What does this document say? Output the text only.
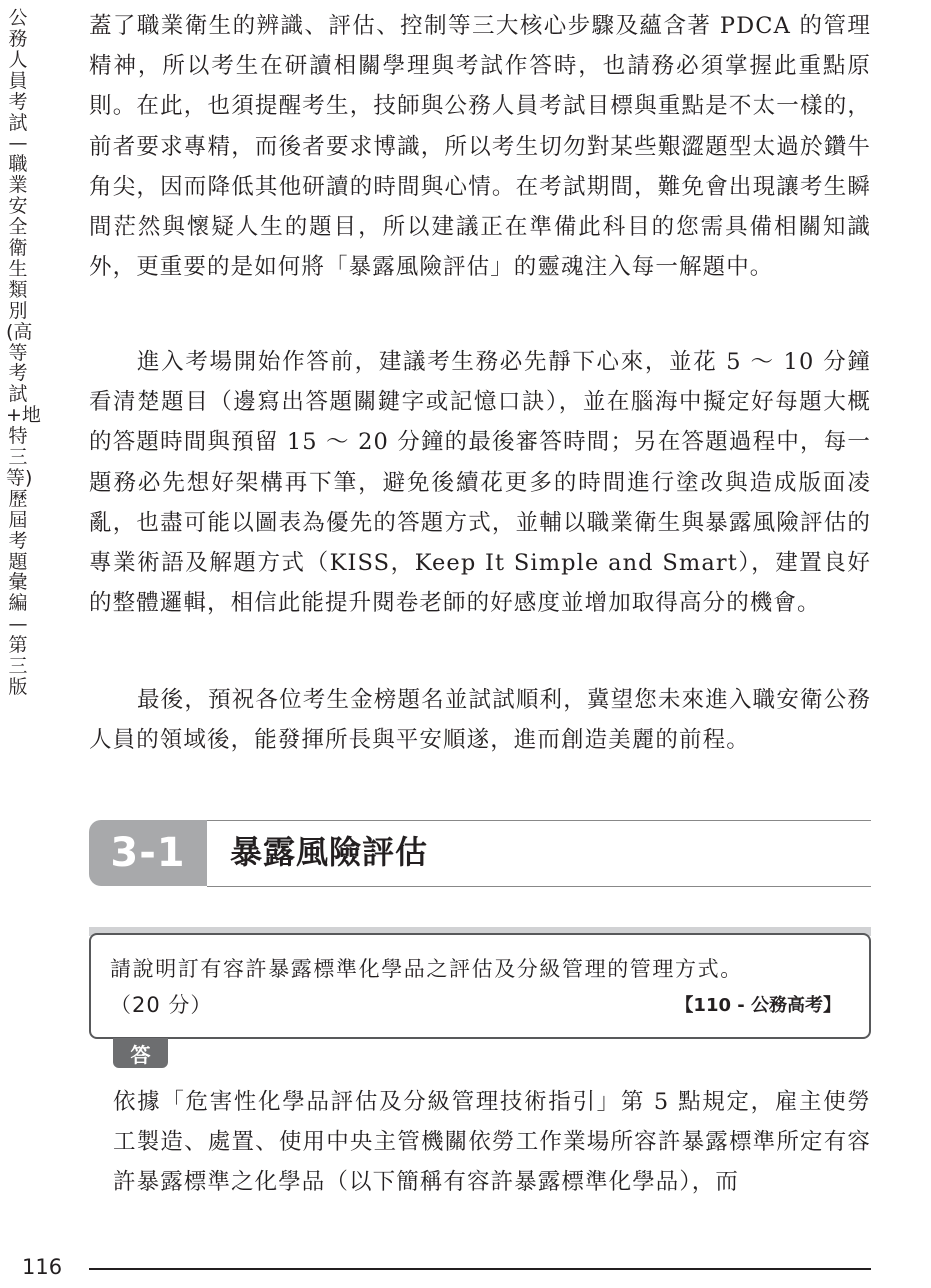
公務人員考試—職業安全衛生類別(高等考試+地特三等)歷屆考題彙編—第三版

蓋了職業衛生的辨識、評估、控制等三大核心步驟及蘊含著 PDCA 的管理精神，所以考生在研讀相關學理與考試作答時，也請務必須掌握此重點原則。在此，也須提醒考生，技師與公務人員考試目標與重點是不太一樣的，前者要求專精，而後者要求博識，所以考生切勿對某些艱澀題型太過於鑽牛角尖，因而降低其他研讀的時間與心情。在考試期間，難免會出現讓考生瞬間茫然與懷疑人生的題目，所以建議正在準備此科目的您需具備相關知識外，更重要的是如何將「暴露風險評估」的靈魂注入每一解題中。

進入考場開始作答前，建議考生務必先靜下心來，並花 5 ～ 10 分鐘看清楚題目（邊寫出答題關鍵字或記憶口訣），並在腦海中擬定好每題大概的答題時間與預留 15 ～ 20 分鐘的最後審答時間；另在答題過程中，每一題務必先想好架構再下筆，避免後續花更多的時間進行塗改與造成版面凌亂，也盡可能以圖表為優先的答題方式，並輔以職業衛生與暴露風險評估的專業術語及解題方式（KISS，Keep It Simple and Smart），建置良好的整體邏輯，相信此能提升閱卷老師的好感度並增加取得高分的機會。

最後，預祝各位考生金榜題名並試試順利，冀望您未來進入職安衛公務人員的領域後，能發揮所長與平安順遂，進而創造美麗的前程。

3-1	暴露風險評估
請說明訂有容許暴露標準化學品之評估及分級管理的管理方式。
（20 分）	【110 - 公務高考】
答

依據「危害性化學品評估及分級管理技術指引」第 5 點規定，雇主使勞工製造、處置、使用中央主管機關依勞工作業場所容許暴露標準所定有容許暴露標準之化學品（以下簡稱有容許暴露標準化學品），而

116
